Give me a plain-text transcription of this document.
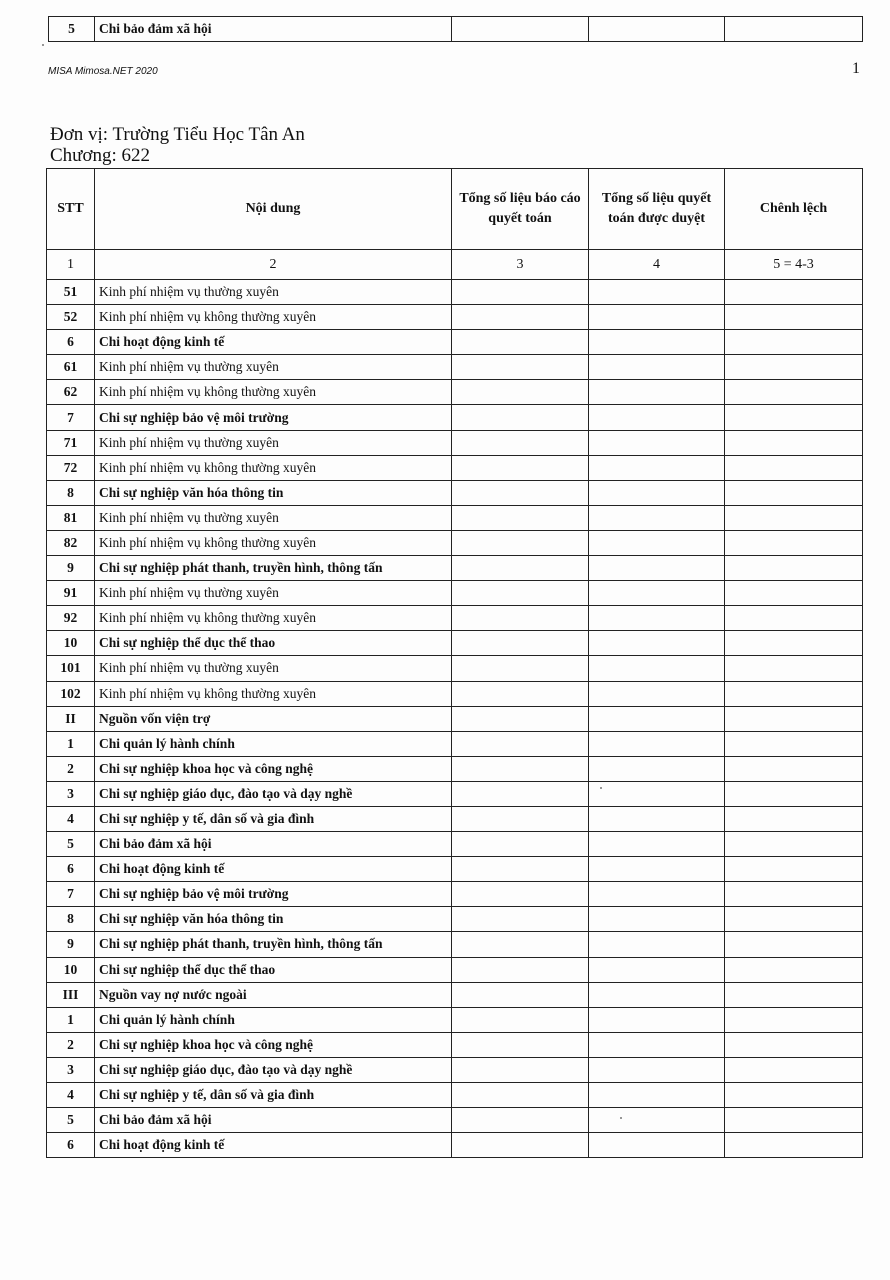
5	Chi bảo đảm xã hội			
MISA Mimosa.NET 2020	1
Đơn vị: Trường Tiểu Học Tân An
Chương: 622
STT	Nội dung	Tổng số liệu báo cáo quyết toán	Tổng số liệu quyết toán được duyệt	Chênh lệch
1	2	3	4	5 = 4-3
51	Kinh phí nhiệm vụ thường xuyên			
52	Kinh phí nhiệm vụ không thường xuyên			
6	Chi hoạt động kinh tế			
61	Kinh phí nhiệm vụ thường xuyên			
62	Kinh phí nhiệm vụ không thường xuyên			
7	Chi sự nghiệp bảo vệ môi trường			
71	Kinh phí nhiệm vụ thường xuyên			
72	Kinh phí nhiệm vụ không thường xuyên			
8	Chi sự nghiệp văn hóa thông tin			
81	Kinh phí nhiệm vụ thường xuyên			
82	Kinh phí nhiệm vụ không thường xuyên			
9	Chi sự nghiệp phát thanh, truyền hình, thông tấn			
91	Kinh phí nhiệm vụ thường xuyên			
92	Kinh phí nhiệm vụ không thường xuyên			
10	Chi sự nghiệp thể dục thể thao			
101	Kinh phí nhiệm vụ thường xuyên			
102	Kinh phí nhiệm vụ không thường xuyên			
II	Nguồn vốn viện trợ			
1	Chi quản lý hành chính			
2	Chi sự nghiệp khoa học và công nghệ			
3	Chi sự nghiệp giáo dục, đào tạo và dạy nghề			
4	Chi sự nghiệp y tế, dân số và gia đình			
5	Chi bảo đảm xã hội			
6	Chi hoạt động kinh tế			
7	Chi sự nghiệp bảo vệ môi trường			
8	Chi sự nghiệp văn hóa thông tin			
9	Chi sự nghiệp phát thanh, truyền hình, thông tấn			
10	Chi sự nghiệp thể dục thể thao			
III	Nguồn vay nợ nước ngoài			
1	Chi quản lý hành chính			
2	Chi sự nghiệp khoa học và công nghệ			
3	Chi sự nghiệp giáo dục, đào tạo và dạy nghề			
4	Chi sự nghiệp y tế, dân số và gia đình			
5	Chi bảo đảm xã hội			
6	Chi hoạt động kinh tế			
